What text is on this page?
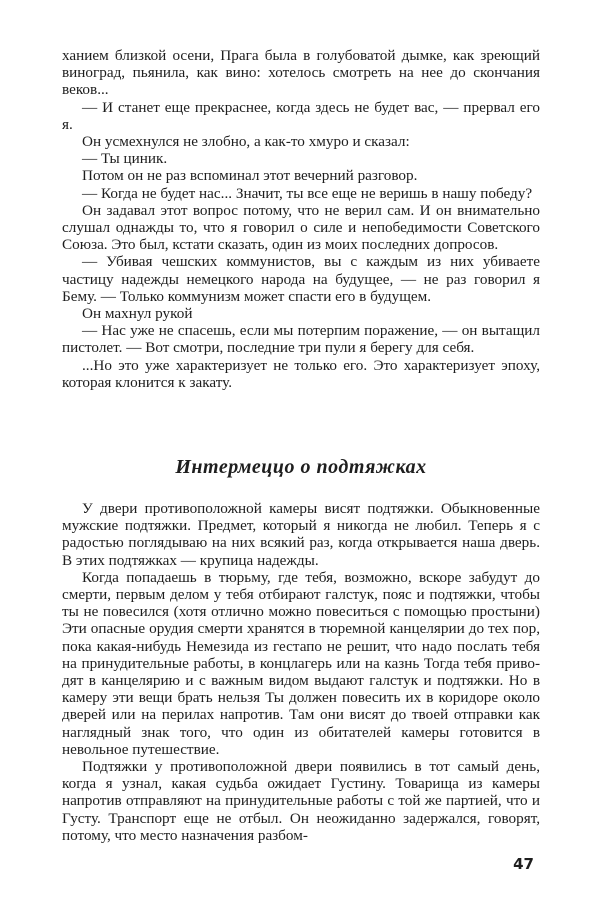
ханием близкой осени, Прага была в голубоватой дымке, как зреющий виноград, пьянила, как вино: хотелось смотреть на нее до скончания веков...

— И станет еще прекраснее, когда здесь не будет вас, — прервал его я.

Он усмехнулся не злобно, а как-то хмуро и сказал:

— Ты циник.

Потом он не раз вспоминал этот вечерний разговор.

— Когда не будет нас... Значит, ты все еще не веришь в нашу победу?

Он задавал этот вопрос потому, что не верил сам. И он внимательно слушал однажды то, что я говорил о силе и непобедимости Советского Союза. Это был, кстати сказать, один из моих последних допросов.

— Убивая чешских коммунистов, вы с каждым из них убиваете частицу надежды немецкого народа на будущее, — не раз говорил я Бему. — Только коммунизм может спасти его в будущем.

Он махнул рукой

— Нас уже не спасешь, если мы потерпим поражение, — он вытащил пистолет. — Вот смотри, последние три пули я берегу для себя.

...Но это уже характеризует не только его. Это характеризует эпоху, которая клонится к закату.

Интермеццо о подтяжках

У двери противоположной камеры висят подтяжки. Обыкновенные мужские подтяжки. Предмет, который я никогда не любил. Теперь я с радостью поглядываю на них всякий раз, когда открывается наша дверь. В этих подтяжках — крупица надежды.

Когда попадаешь в тюрьму, где тебя, возможно, вскоре забудут до смерти, первым делом у тебя отбирают галстук, пояс и подтяжки, чтобы ты не повесился (хотя отлично можно повеситься с помощью простыни) Эти опасные орудия смерти хранятся в тюремной канцелярии до тех пор, пока какая-нибудь Немезида из гестапо не решит, что надо послать тебя на принудительные работы, в концлагерь или на казнь Тогда тебя приводят в канцелярию и с важным видом выдают галстук и подтяжки. Но в камеру эти вещи брать нельзя Ты должен повесить их в коридоре около дверей или на перилах напротив. Там они висят до твоей отправки как наглядный знак того, что один из обитателей камеры готовится в невольное путешествие.

Подтяжки у противоположной двери появились в тот самый день, когда я узнал, какая судьба ожидает Густину. Товарища из камеры напротив отправляют на принудительные работы с той же партией, что и Густу. Транспорт еще не отбыл. Он неожиданно задержался, говорят, потому, что место назначения разбом-

47
